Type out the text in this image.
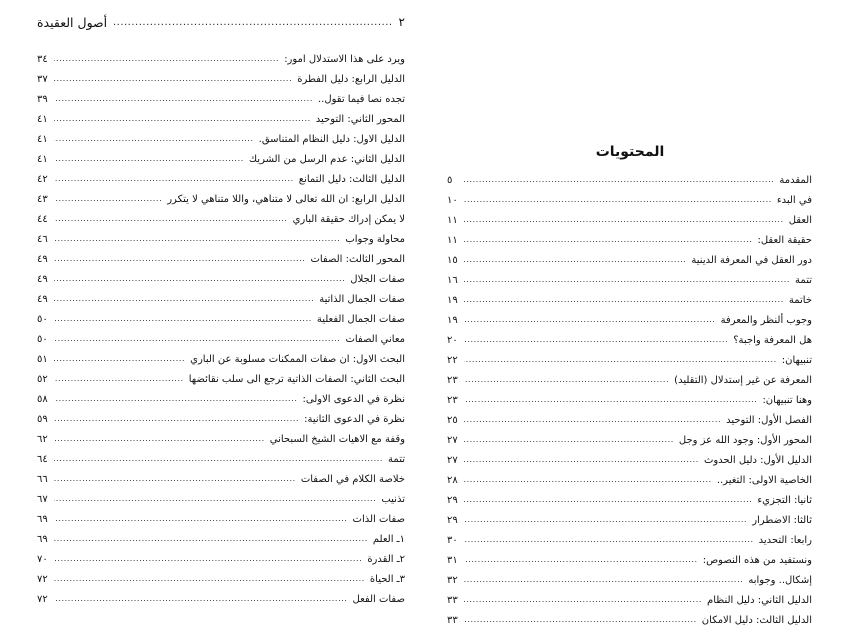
٢
.....
أصول العقيدة
ويرد على هذا الاستدلال امور:
.....
٣٤
الدليل الرابع: دليل الفطرة
.....
٣٧
تجده نصا فيما تقول..
.....
٣٩
المحور الثاني: التوحيد
.....
٤١
الدليل الاول: دليل النظام المتناسق.
.....
٤١
الدليل الثاني: عدم الرسل من الشريك
.....
٤١
الدليل الثالث: دليل التمانع
.....
٤٢
الدليل الرابع: ان الله تعالى لا متناهي، واللا متناهي لا يتكرر
.....
٤٣
لا يمكن إدراك حقيقة الباري
.....
٤٤
محاولة وجواب
.....
٤٦
المحور الثالث: الصفات
.....
٤٩
صفات الجلال
.....
٤٩
صفات الجمال الذاتية
.....
٤٩
صفات الجمال الفعلية
.....
٥٠
معاني الصفات
.....
٥٠
البحث الاول: ان صفات الممكنات مسلوبة عن الباري
.....
٥١
البحث الثاني: الصفات الذاتية ترجع الى سلب نقائضها
.....
٥٢
نظرة في الدعوى الاولى:
.....
٥٨
نظرة في الدعوى الثانية:
.....
٥٩
وقفة مع الاهيات الشيخ السبحاني
.....
٦٢
تتمة
.....
٦٤
خلاصة الكلام في الصفات
.....
٦٦
تذنيب
.....
٦٧
صفات الذات
.....
٦٩
١ـ العلم
.....
٦٩
٢ـ القدرة
.....
٧٠
٣ـ الحياة
.....
٧٢
صفات الفعل
.....
٧٢
المحتويات
المقدمة
.....
٥
في البدء
.....
١٠
العقل
.....
١١
حقيقة العقل:
.....
١١
دور العقل في المعرفة الدينية
.....
١٥
تتمة
.....
١٦
خاتمة
.....
١٩
وجوب ألنظر والمعرفة
.....
١٩
هل المعرفة واجبة؟
.....
٢٠
تنبيهان:
.....
٢٢
المعرفة عن غير إستدلال (التقليد)
.....
٢٣
وهنا تنبيهان:
.....
٢٣
الفصل الأول: التوحيد
.....
٢٥
المحور الأول: وجود الله عز وجل
.....
٢٧
الدليل الأول: دليل الحدوث
.....
٢٧
الخاصية الاولى: التغير..
.....
٢٨
ثانيا: التجزيء
.....
٢٩
ثالثا: الاضطرار
.....
٢٩
رابعا: التحديد
.....
٣٠
ونستفيد من هذه النصوص:
.....
٣١
إشكال.. وجوابه
.....
٣٢
الدليل الثاني: دليل النظام
.....
٣٣
الدليل الثالث: دليل الامكان
.....
٣٣
